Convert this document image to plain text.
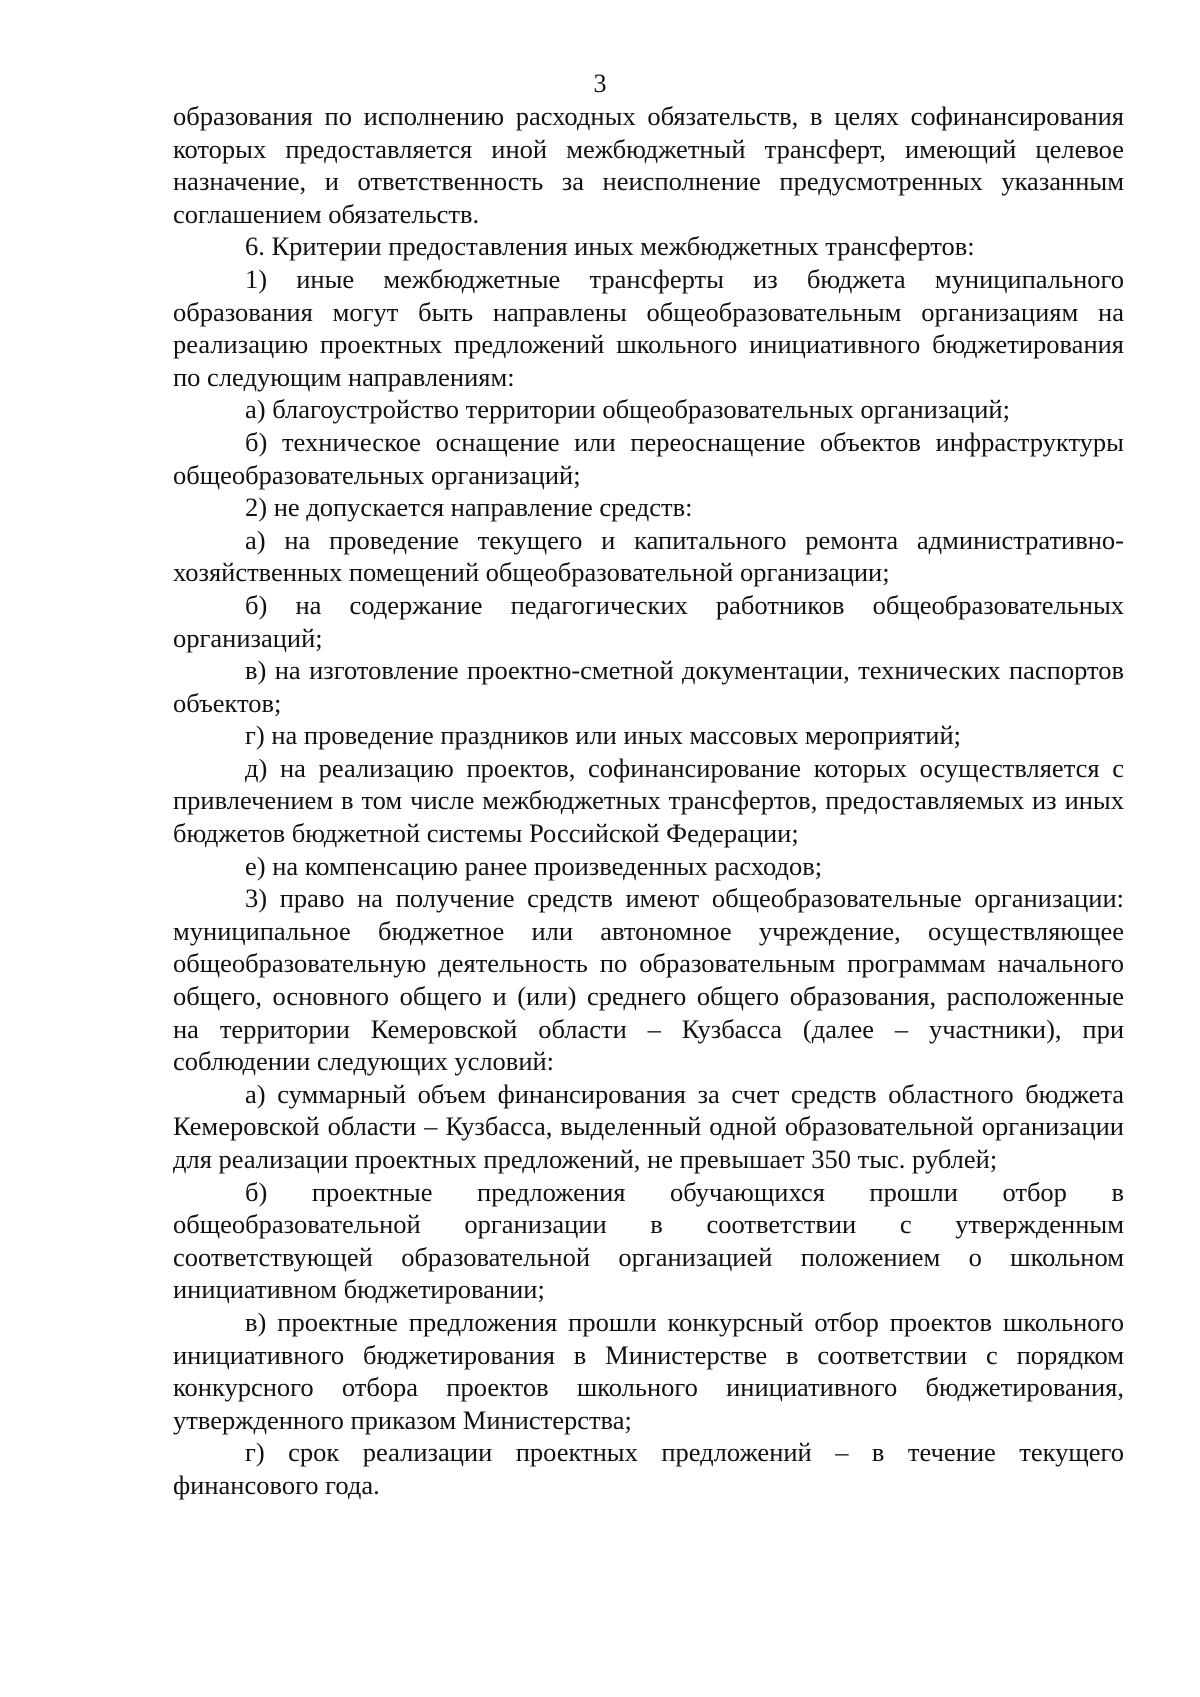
3

образования по исполнению расходных обязательств, в целях софинансирования которых предоставляется иной межбюджетный трансферт, имеющий целевое назначение, и ответственность за неисполнение предусмотренных указанным соглашением обязательств.

6. Критерии предоставления иных межбюджетных трансфертов:

1) иные межбюджетные трансферты из бюджета муниципального образования могут быть направлены общеобразовательным организациям на реализацию проектных предложений школьного инициативного бюджетирования по следующим направлениям:

а) благоустройство территории общеобразовательных организаций;

б) техническое оснащение или переоснащение объектов инфраструктуры общеобразовательных организаций;

2) не допускается направление средств:

а) на проведение текущего и капитального ремонта административно-хозяйственных помещений общеобразовательной организации;

б) на содержание педагогических работников общеобразовательных организаций;

в) на изготовление проектно-сметной документации, технических паспортов объектов;

г) на проведение праздников или иных массовых мероприятий;

д) на реализацию проектов, софинансирование которых осуществляется с привлечением в том числе межбюджетных трансфертов, предоставляемых из иных бюджетов бюджетной системы Российской Федерации;

е) на компенсацию ранее произведенных расходов;

3) право на получение средств имеют общеобразовательные организации: муниципальное бюджетное или автономное учреждение, осуществляющее общеобразовательную деятельность по образовательным программам начального общего, основного общего и (или) среднего общего образования, расположенные на территории Кемеровской области – Кузбасса (далее – участники), при соблюдении следующих условий:

а) суммарный объем финансирования за счет средств областного бюджета Кемеровской области – Кузбасса, выделенный одной образовательной организации для реализации проектных предложений, не превышает 350 тыс. рублей;

б) проектные предложения обучающихся прошли отбор в общеобразовательной организации в соответствии с утвержденным соответствующей образовательной организацией положением о школьном инициативном бюджетировании;

в) проектные предложения прошли конкурсный отбор проектов школьного инициативного бюджетирования в Министерстве в соответствии с порядком конкурсного отбора проектов школьного инициативного бюджетирования, утвержденного приказом Министерства;

г) срок реализации проектных предложений – в течение текущего финансового года.
